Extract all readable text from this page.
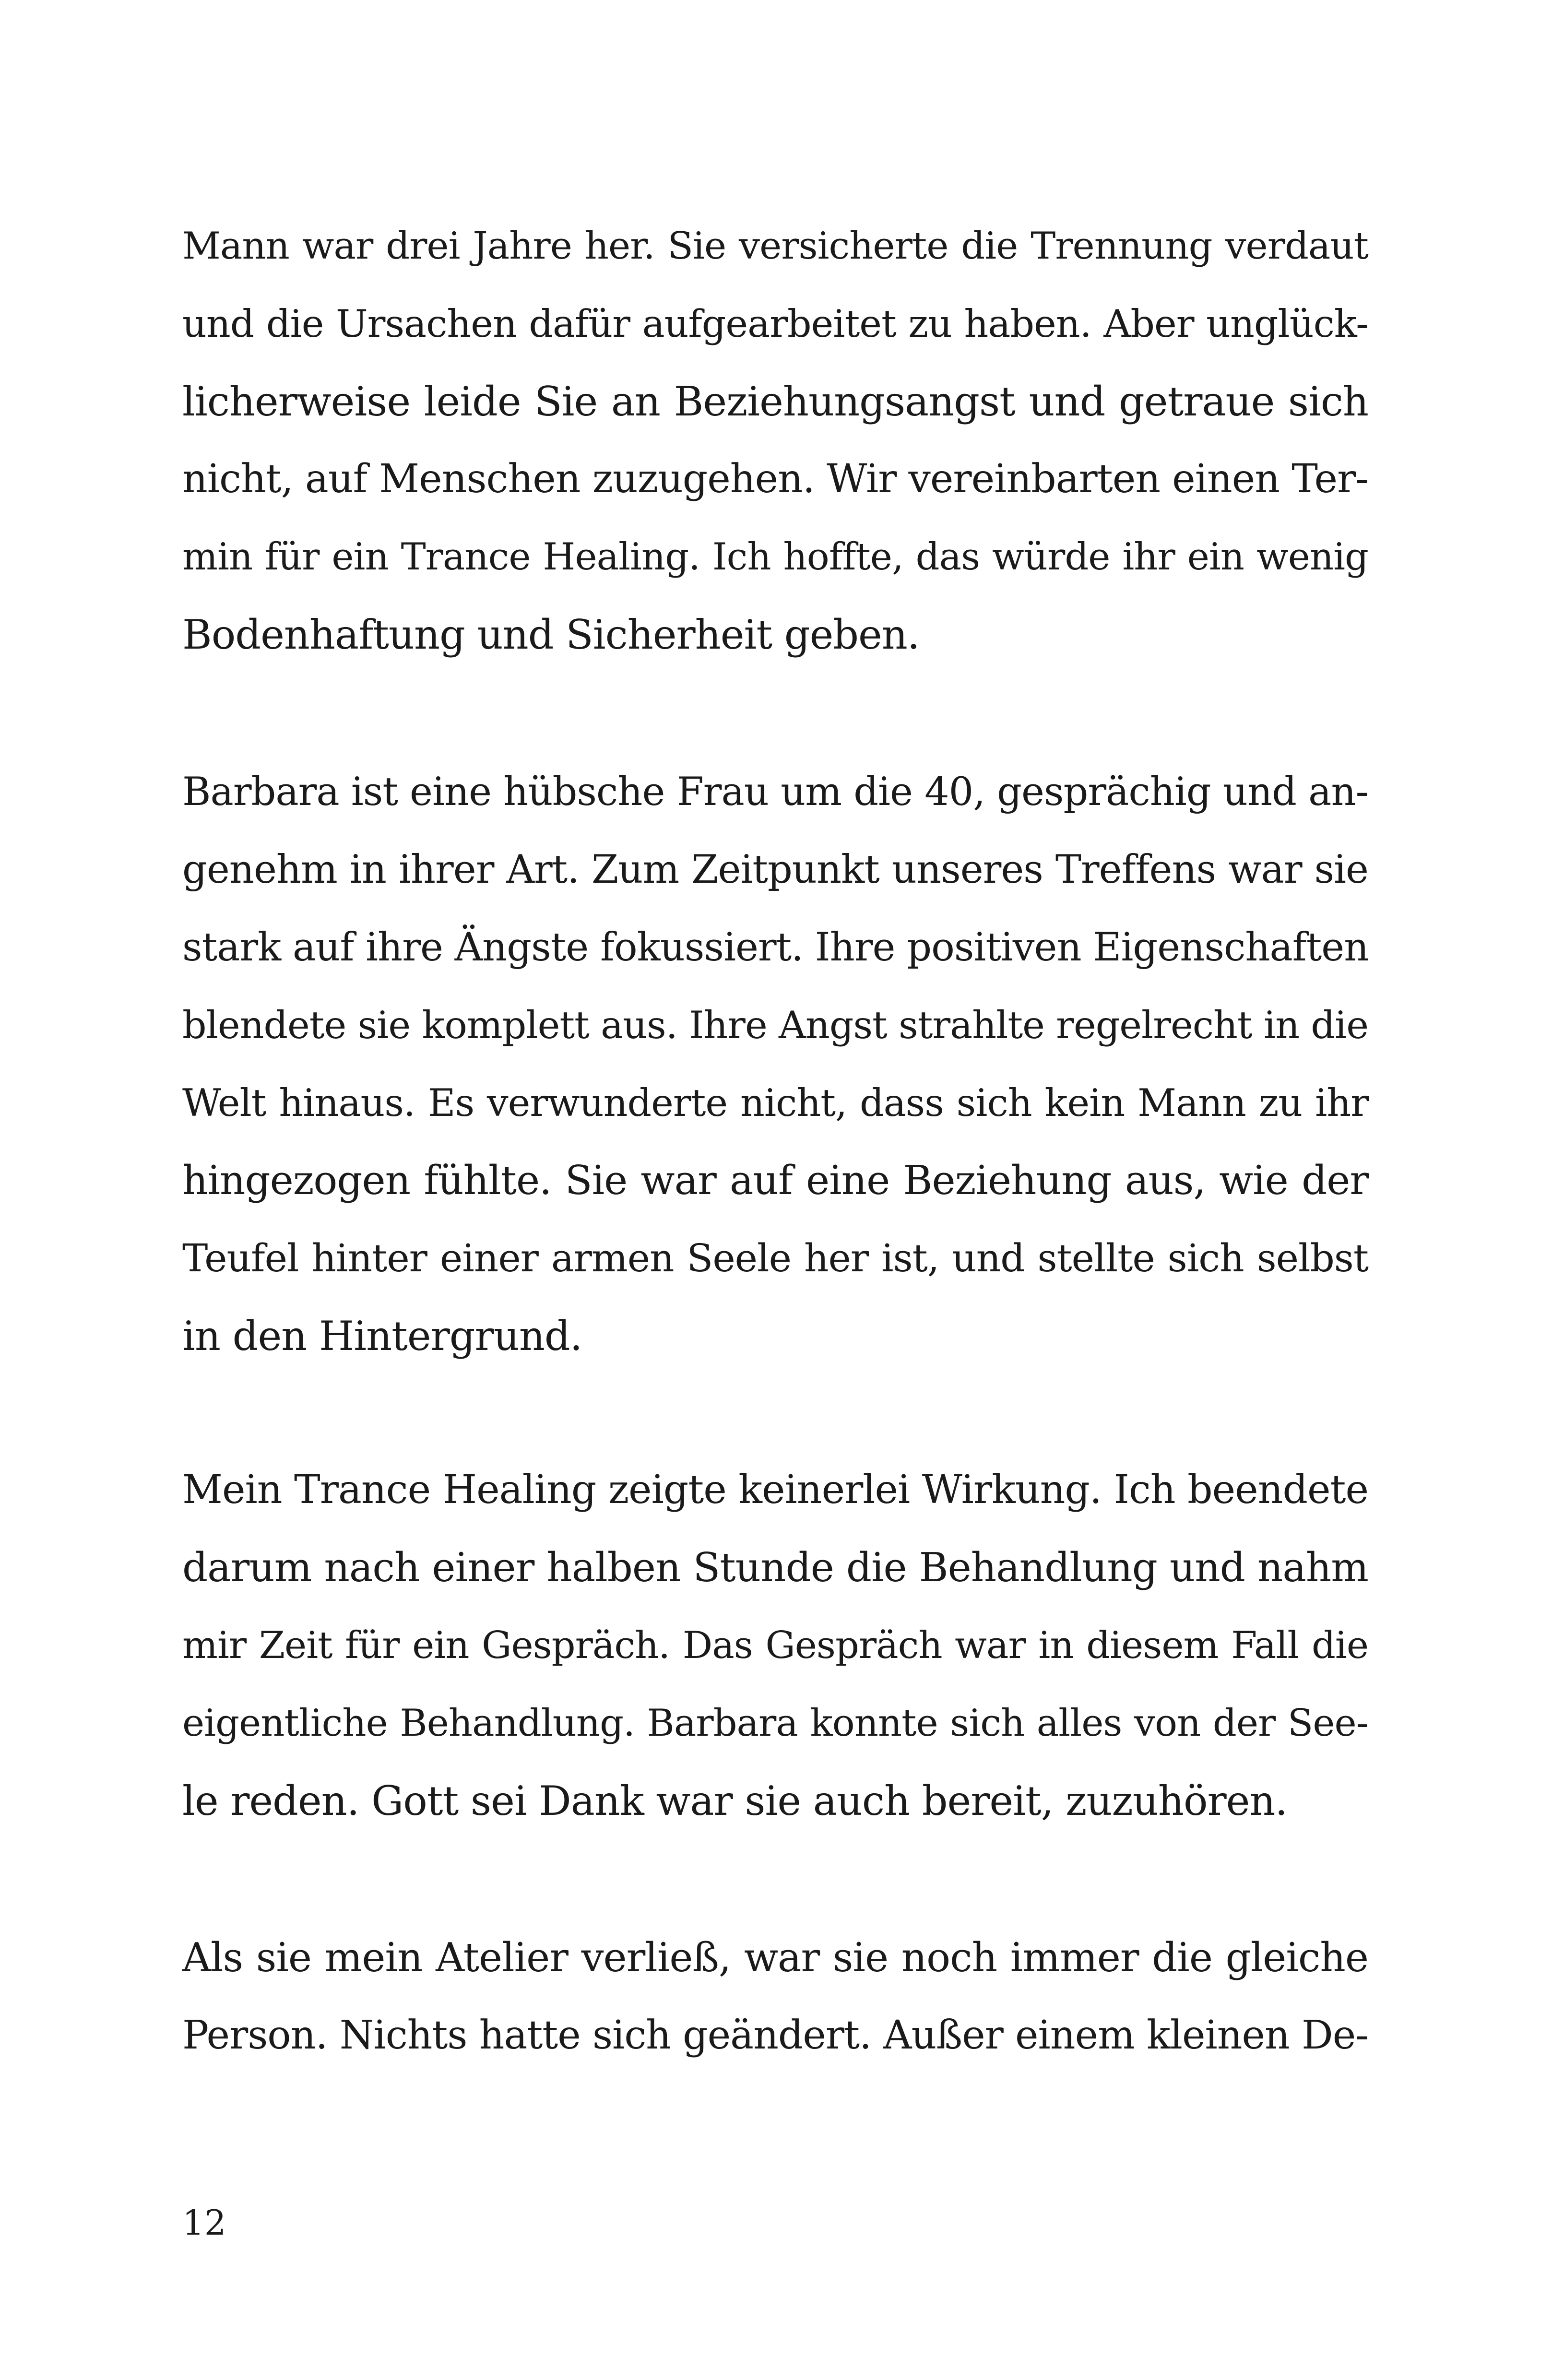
Mann war drei Jahre her. Sie versicherte die Trennung verdaut
und die Ursachen dafür aufgearbeitet zu haben. Aber unglück-
licherweise leide Sie an Beziehungsangst und getraue sich
nicht, auf Menschen zuzugehen. Wir vereinbarten einen Ter-
min für ein Trance Healing. Ich hoffte, das würde ihr ein wenig
Bodenhaftung und Sicherheit geben.
Barbara ist eine hübsche Frau um die 40, gesprächig und an-
genehm in ihrer Art. Zum Zeitpunkt unseres Treffens war sie
stark auf ihre Ängste fokussiert. Ihre positiven Eigenschaften
blendete sie komplett aus. Ihre Angst strahlte regelrecht in die
Welt hinaus. Es verwunderte nicht, dass sich kein Mann zu ihr
hingezogen fühlte. Sie war auf eine Beziehung aus, wie der
Teufel hinter einer armen Seele her ist, und stellte sich selbst
in den Hintergrund.
Mein Trance Healing zeigte keinerlei Wirkung. Ich beendete
darum nach einer halben Stunde die Behandlung und nahm
mir Zeit für ein Gespräch. Das Gespräch war in diesem Fall die
eigentliche Behandlung. Barbara konnte sich alles von der See-
le reden. Gott sei Dank war sie auch bereit, zuzuhören.
Als sie mein Atelier verließ, war sie noch immer die gleiche
Person. Nichts hatte sich geändert. Außer einem kleinen De-
12
